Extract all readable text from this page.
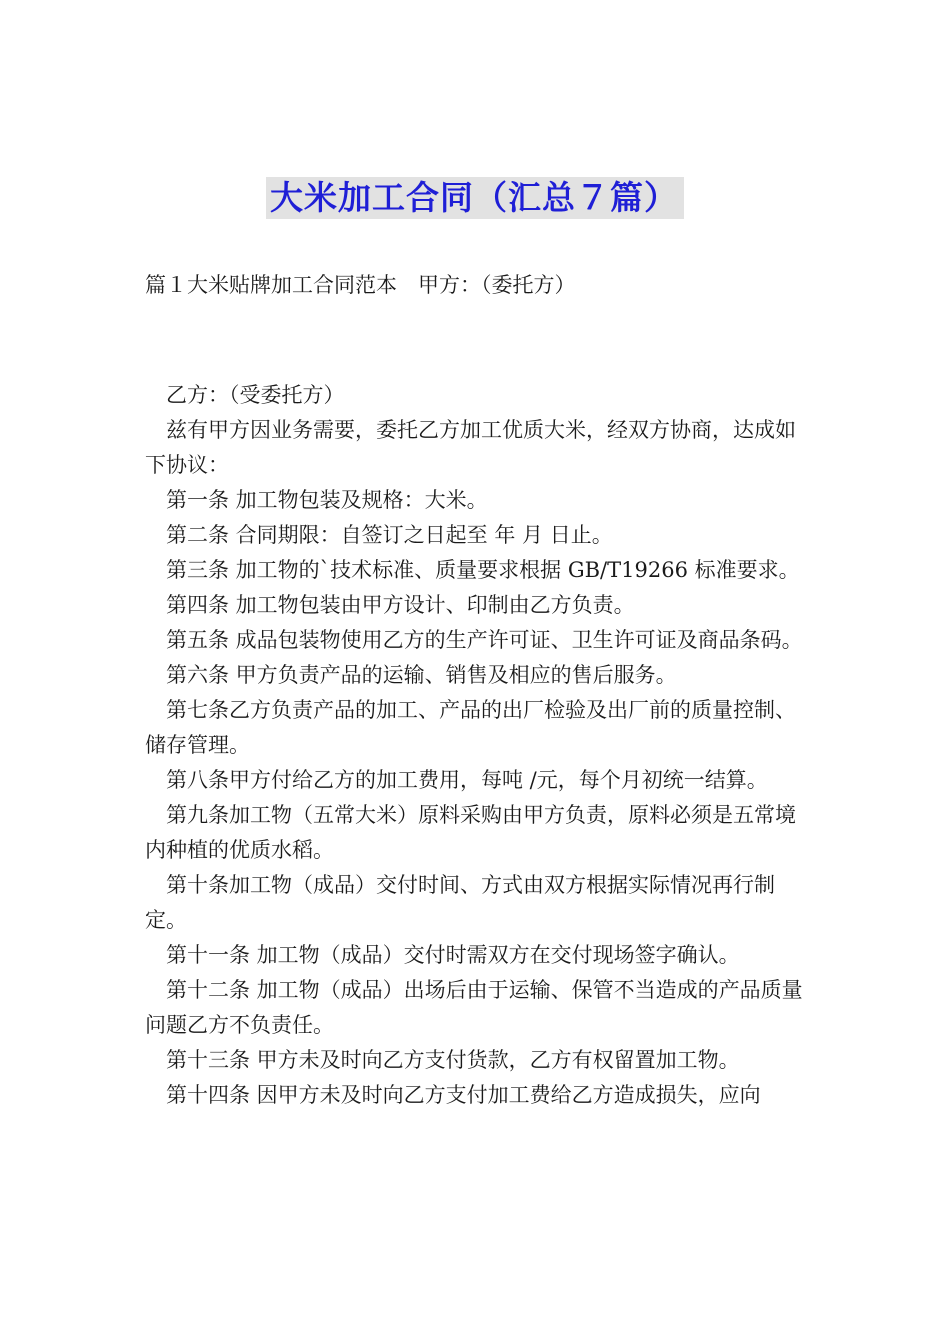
大米加工合同（汇总７篇）
篇１大米贴牌加工合同范本　甲方：（委托方）

乙方：（受委托方）

兹有甲方因业务需要，委托乙方加工优质大米，经双方协商，达成如下协议：

第一条 加工物包装及规格：大米。

第二条 合同期限：自签订之日起至 年 月 日止。

第三条 加工物的`技术标准、质量要求根据 GB/T19266 标准要求。

第四条 加工物包装由甲方设计、印制由乙方负责。

第五条 成品包装物使用乙方的生产许可证、卫生许可证及商品条码。

第六条 甲方负责产品的运输、销售及相应的售后服务。

第七条乙方负责产品的加工、产品的出厂检验及出厂前的质量控制、储存管理。

第八条甲方付给乙方的加工费用，每吨 /元，每个月初统一结算。

第九条加工物（五常大米）原料采购由甲方负责，原料必须是五常境内种植的优质水稻。

第十条加工物（成品）交付时间、方式由双方根据实际情况再行制定。

第十一条 加工物（成品）交付时需双方在交付现场签字确认。

第十二条 加工物（成品）出场后由于运输、保管不当造成的产品质量问题乙方不负责任。

第十三条 甲方未及时向乙方支付货款，乙方有权留置加工物。

第十四条 因甲方未及时向乙方支付加工费给乙方造成损失，应向
